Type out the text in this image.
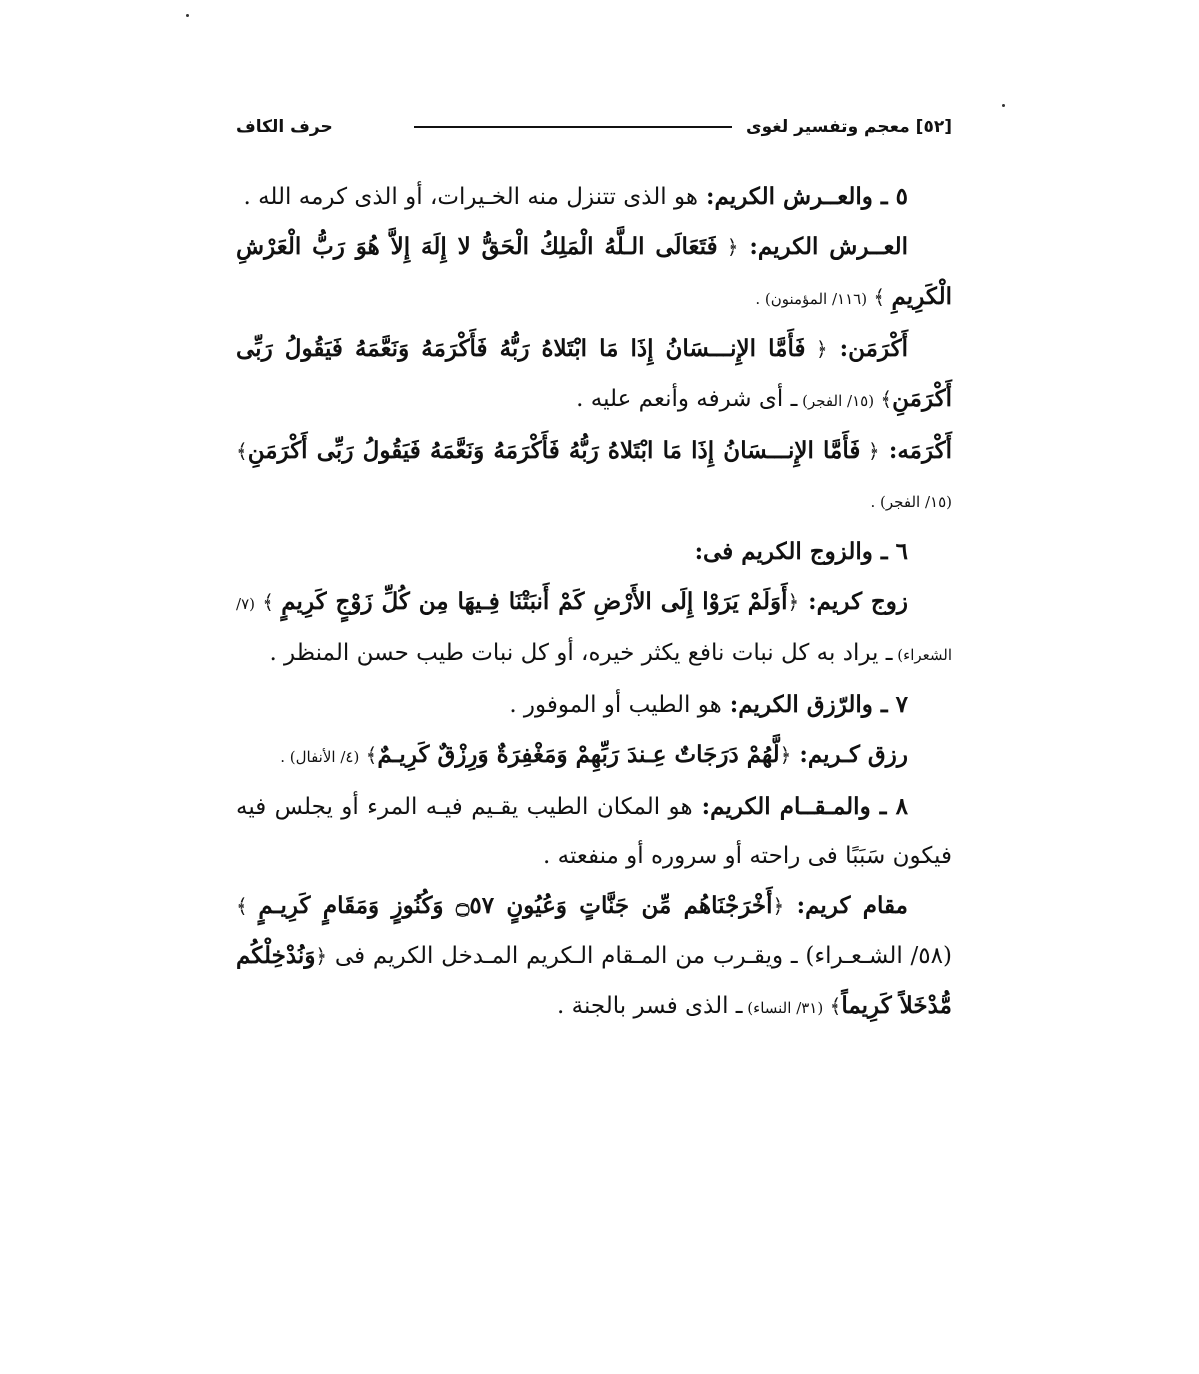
[٥٢] معجم وتفسير لغوى
حرف الكاف

٥ ـ والعــرش الكريم: هو الذى تتنزل منه الخـيرات، أو الذى كرمه الله .

العــرش الكريم: ﴿ فَتَعَالَى الـلَّهُ الْمَلِكُ الْحَقُّ لا إِلَهَ إِلاَّ هُوَ رَبُّ الْعَرْشِ الْكَرِيمِ ﴾ (١١٦/ المؤمنون) .

أَكْرَمَن: ﴿ فَأَمَّا الإِنـــسَانُ إِذَا مَا ابْتَلاهُ رَبُّهُ فَأَكْرَمَهُ وَنَعَّمَهُ فَيَقُولُ رَبِّى أَكْرَمَنِ﴾ (١٥/ الفجر) ـ أى شرفه وأنعم عليه .

أَكْرَمَه: ﴿ فَأَمَّا الإِنـــسَانُ إِذَا مَا ابْتَلاهُ رَبُّهُ فَأَكْرَمَهُ وَنَعَّمَهُ فَيَقُولُ رَبِّى أَكْرَمَنِ﴾ (١٥/ الفجر) .

٦ ـ والزوج الكريم فى:

زوج كريم: ﴿أَوَلَمْ يَرَوْا إِلَى الأَرْضِ كَمْ أَنبَتْنَا فِـيهَا مِن كُلِّ زَوْجٍ كَرِيمٍ ﴾ (٧/ الشعراء) ـ يراد به كل نبات نافع يكثر خيره، أو كل نبات طيب حسن المنظر .

٧ ـ والرّزق الكريم: هو الطيب أو الموفور .

رزق كـريم: ﴿لَّهُمْ دَرَجَاتٌ عِـندَ رَبِّهِمْ وَمَغْفِرَةٌ وَرِزْقٌ كَرِيـمٌ﴾ (٤/ الأنفال) .

٨ ـ والمـقــام الكريم: هو المكان الطيب يقـيم فيـه المرء أو يجلس فيه فيكون سَبَبًا فى راحته أو سروره أو منفعته .

مقام كريم: ﴿أَخْرَجْنَاهُم مِّن جَنَّاتٍ وَعُيُونٍ ۝٥٧ وَكُنُوزٍ وَمَقَامٍ كَرِيـمٍ ﴾ (٥٨/ الشـعـراء) ـ ويقـرب من المـقام الـكريم المـدخل الكريم فى ﴿وَنُدْخِلْكُم مُّدْخَلاً كَرِيماً﴾ (٣١/ النساء) ـ الذى فسر بالجنة .
